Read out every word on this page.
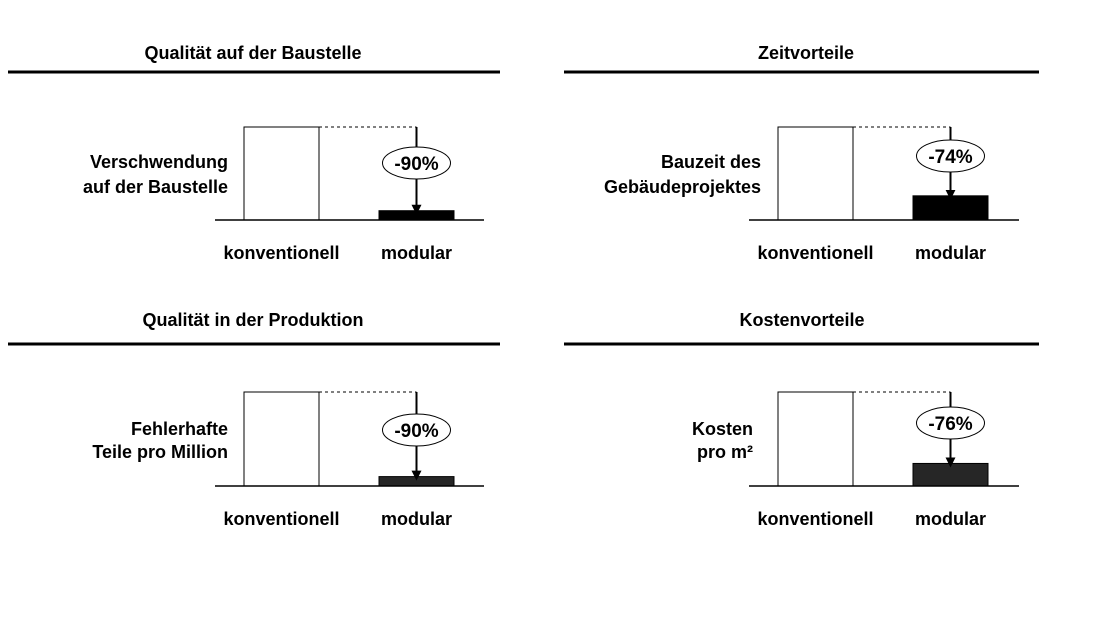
Qualität auf der Baustelle
Verschwendung
auf der Baustelle
-90%
konventionell modular
Zeitvorteile
Bauzeit des
Gebäudeprojektes
-74%
konventionell modular
Qualität in der Produktion
Fehlerhafte
Teile pro Million
-90%
konventionell modular
Kostenvorteile
Kosten
pro m²
-76%
konventionell modular
